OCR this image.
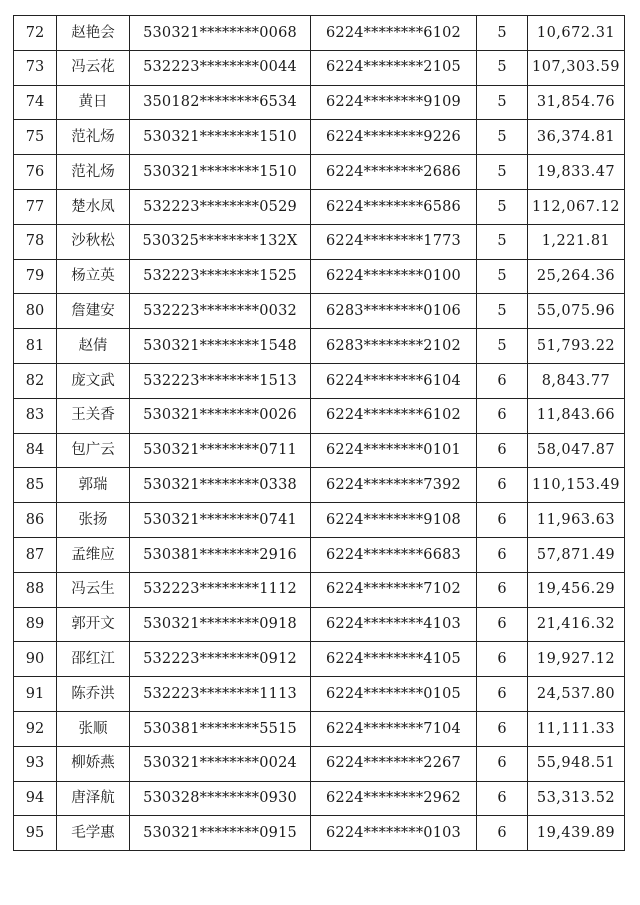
72	赵艳会	530321********0068	6224********6102	5	10,672.31
73	冯云花	532223********0044	6224********2105	5	107,303.59
74	黄日	350182********6534	6224********9109	5	31,854.76
75	范礼炀	530321********1510	6224********9226	5	36,374.81
76	范礼炀	530321********1510	6224********2686	5	19,833.47
77	楚水凤	532223********0529	6224********6586	5	112,067.12
78	沙秋松	530325********132X	6224********1773	5	1,221.81
79	杨立英	532223********1525	6224********0100	5	25,264.36
80	詹建安	532223********0032	6283********0106	5	55,075.96
81	赵倩	530321********1548	6283********2102	5	51,793.22
82	庞文武	532223********1513	6224********6104	6	8,843.77
83	王关香	530321********0026	6224********6102	6	11,843.66
84	包广云	530321********0711	6224********0101	6	58,047.87
85	郭瑞	530321********0338	6224********7392	6	110,153.49
86	张扬	530321********0741	6224********9108	6	11,963.63
87	孟维应	530381********2916	6224********6683	6	57,871.49
88	冯云生	532223********1112	6224********7102	6	19,456.29
89	郭开文	530321********0918	6224********4103	6	21,416.32
90	邵红江	532223********0912	6224********4105	6	19,927.12
91	陈乔洪	532223********1113	6224********0105	6	24,537.80
92	张顺	530381********5515	6224********7104	6	11,111.33
93	柳娇燕	530321********0024	6224********2267	6	55,948.51
94	唐泽航	530328********0930	6224********2962	6	53,313.52
95	毛学惠	530321********0915	6224********0103	6	19,439.89
